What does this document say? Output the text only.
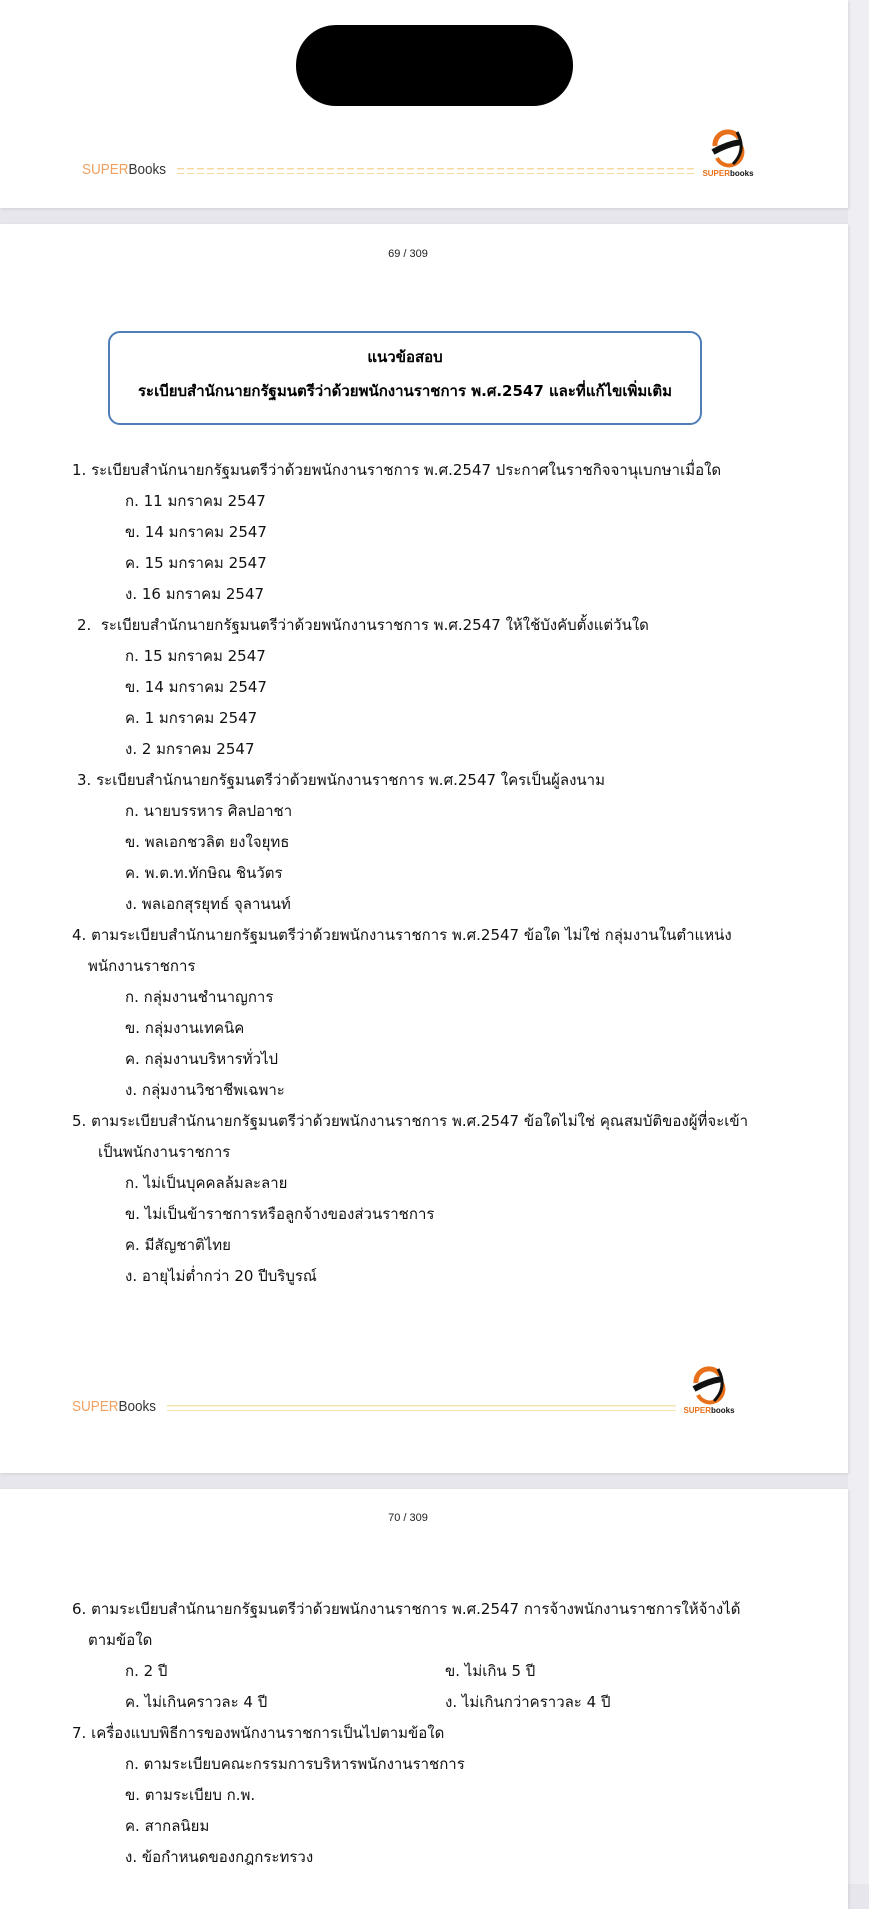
SUPERBooks	SUPERbooks
69 / 309
แนวข้อสอบ
ระเบียบสำนักนายกรัฐมนตรีว่าด้วยพนักงานราชการ พ.ศ.2547 และที่แก้ไขเพิ่มเติม
1. ระเบียบสำนักนายกรัฐมนตรีว่าด้วยพนักงานราชการ พ.ศ.2547 ประกาศในราชกิจจานุเบกษาเมื่อใด
ก. 11 มกราคม 2547
ข. 14 มกราคม 2547
ค. 15 มกราคม 2547
ง. 16 มกราคม 2547
2. ระเบียบสำนักนายกรัฐมนตรีว่าด้วยพนักงานราชการ พ.ศ.2547 ให้ใช้บังคับตั้งแต่วันใด
ก. 15 มกราคม 2547
ข. 14 มกราคม 2547
ค. 1 มกราคม 2547
ง. 2 มกราคม 2547
3. ระเบียบสำนักนายกรัฐมนตรีว่าด้วยพนักงานราชการ พ.ศ.2547 ใครเป็นผู้ลงนาม
ก. นายบรรหาร ศิลปอาชา
ข. พลเอกชวลิต ยงใจยุทธ
ค. พ.ต.ท.ทักษิณ ชินวัตร
ง. พลเอกสุรยุทธ์ จุลานนท์
4. ตามระเบียบสำนักนายกรัฐมนตรีว่าด้วยพนักงานราชการ พ.ศ.2547 ข้อใด ไม่ใช่ กลุ่มงานในตำแหน่ง
พนักงานราชการ
ก. กลุ่มงานชำนาญการ
ข. กลุ่มงานเทคนิค
ค. กลุ่มงานบริหารทั่วไป
ง. กลุ่มงานวิชาชีพเฉพาะ
5. ตามระเบียบสำนักนายกรัฐมนตรีว่าด้วยพนักงานราชการ พ.ศ.2547 ข้อใดไม่ใช่ คุณสมบัติของผู้ที่จะเข้า
เป็นพนักงานราชการ
ก. ไม่เป็นบุคคลล้มละลาย
ข. ไม่เป็นข้าราชการหรือลูกจ้างของส่วนราชการ
ค. มีสัญชาติไทย
ง. อายุไม่ต่ำกว่า 20 ปีบริบูรณ์
SUPERBooks	SUPERbooks
70 / 309
6. ตามระเบียบสำนักนายกรัฐมนตรีว่าด้วยพนักงานราชการ พ.ศ.2547 การจ้างพนักงานราชการให้จ้างได้
ตามข้อใด
ก. 2 ปี	ข. ไม่เกิน 5 ปี
ค. ไม่เกินคราวละ 4 ปี	ง. ไม่เกินกว่าคราวละ 4 ปี
7. เครื่องแบบพิธีการของพนักงานราชการเป็นไปตามข้อใด
ก. ตามระเบียบคณะกรรมการบริหารพนักงานราชการ
ข. ตามระเบียบ ก.พ.
ค. สากลนิยม
ง. ข้อกำหนดของกฎกระทรวง
